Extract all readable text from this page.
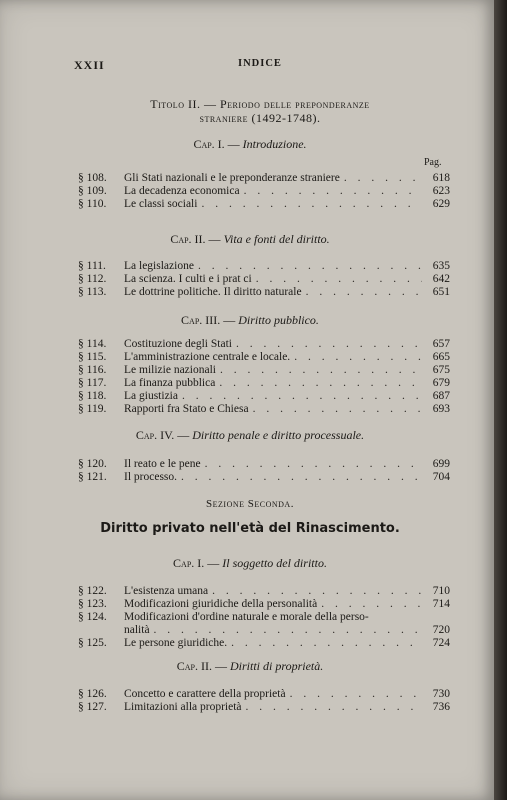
XXII	INDICE
Titolo II. — Periodo delle preponderanze
straniere (1492-1748).
Cap. I. — Introduzione.
Pag.
§ 108.	Gli Stati nazionali e le preponderanze straniere . . .	618
§ 109.	La decadenza economica . . .	623
§ 110.	Le classi sociali . . .	629
Cap. II. — Vita e fonti del diritto.
§ 111.	La legislazione . . .	635
§ 112.	La scienza. I culti e i prat ci . . .	642
§ 113.	Le dottrine politiche. Il diritto naturale . . .	651
Cap. III. — Diritto pubblico.
§ 114.	Costituzione degli Stati . . .	657
§ 115.	L'amministrazione centrale e locale. . . .	665
§ 116.	Le milizie nazionali . . .	675
§ 117.	La finanza pubblica . . .	679
§ 118.	La giustizia . . .	687
§ 119.	Rapporti fra Stato e Chiesa . . .	693
Cap. IV. — Diritto penale e diritto processuale.
§ 120.	Il reato e le pene . . .	699
§ 121.	Il processo. . . .	704
Sezione Seconda.
Diritto privato nell'età del Rinascimento.
Cap. I. — Il soggetto del diritto.
§ 122.	L'esistenza umana . . .	710
§ 123.	Modificazioni giuridiche della personalità . . .	714
§ 124.	Modificazioni d'ordine naturale e morale della perso-
nalità . . .	720
§ 125.	Le persone giuridiche. . . .	724
Cap. II. — Diritti di proprietà.
§ 126.	Concetto e carattere della proprietà . . .	730
§ 127.	Limitazioni alla proprietà . . .	736
